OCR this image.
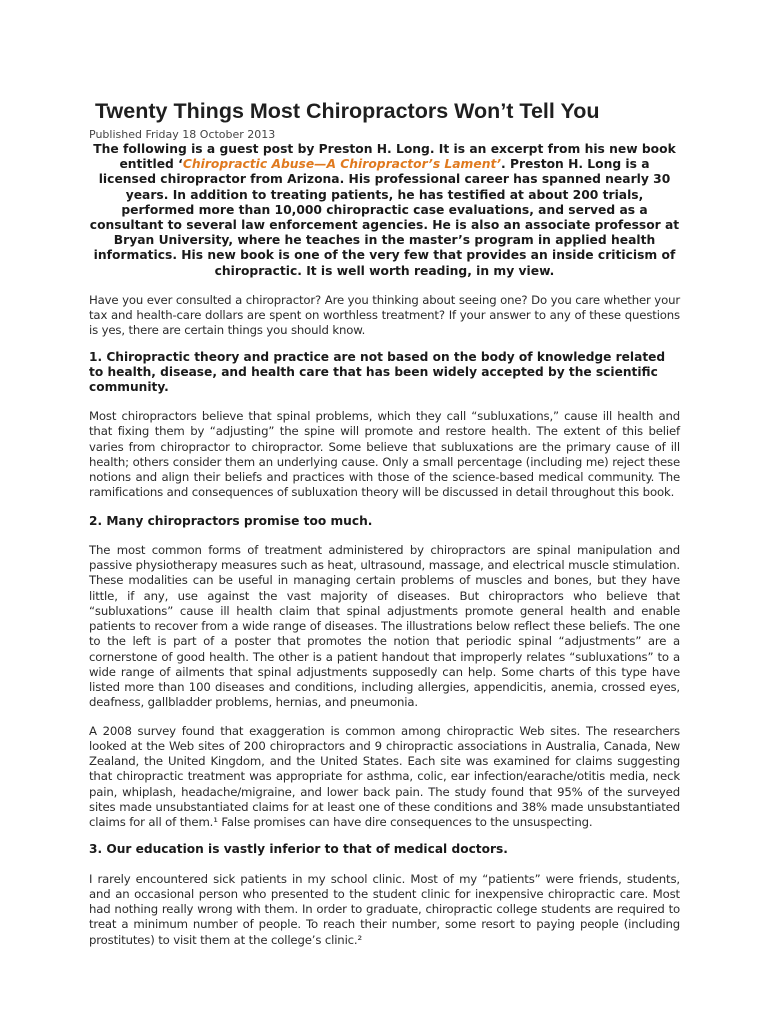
Twenty Things Most Chiropractors Won’t Tell You
Published Friday 18 October 2013

The following is a guest post by Preston H. Long. It is an excerpt from his new book entitled ‘Chiropractic Abuse—A Chiropractor’s Lament’. Preston H. Long is a licensed chiropractor from Arizona. His professional career has spanned nearly 30 years. In addition to treating patients, he has testified at about 200 trials, performed more than 10,000 chiropractic case evaluations, and served as a consultant to several law enforcement agencies. He is also an associate professor at Bryan University, where he teaches in the master’s program in applied health informatics. His new book is one of the very few that provides an inside criticism of chiropractic. It is well worth reading, in my view.

Have you ever consulted a chiropractor? Are you thinking about seeing one? Do you care whether your tax and health-care dollars are spent on worthless treatment? If your answer to any of these questions is yes, there are certain things you should know.

1. Chiropractic theory and practice are not based on the body of knowledge related to health, disease, and health care that has been widely accepted by the scientific community.

Most chiropractors believe that spinal problems, which they call “subluxations,” cause ill health and that fixing them by “adjusting” the spine will promote and restore health. The extent of this belief varies from chiropractor to chiropractor. Some believe that subluxations are the primary cause of ill health; others consider them an underlying cause. Only a small percentage (including me) reject these notions and align their beliefs and practices with those of the science-based medical community. The ramifications and consequences of subluxation theory will be discussed in detail throughout this book.

2. Many chiropractors promise too much.

The most common forms of treatment administered by chiropractors are spinal manipulation and passive physiotherapy measures such as heat, ultrasound, massage, and electrical muscle stimulation. These modalities can be useful in managing certain problems of muscles and bones, but they have little, if any, use against the vast majority of diseases. But chiropractors who believe that “subluxations” cause ill health claim that spinal adjustments promote general health and enable patients to recover from a wide range of diseases. The illustrations below reflect these beliefs. The one to the left is part of a poster that promotes the notion that periodic spinal “adjustments” are a cornerstone of good health. The other is a patient handout that improperly relates “subluxations” to a wide range of ailments that spinal adjustments supposedly can help. Some charts of this type have listed more than 100 diseases and conditions, including allergies, appendicitis, anemia, crossed eyes, deafness, gallbladder problems, hernias, and pneumonia.

A 2008 survey found that exaggeration is common among chiropractic Web sites. The researchers looked at the Web sites of 200 chiropractors and 9 chiropractic associations in Australia, Canada, New Zealand, the United Kingdom, and the United States. Each site was examined for claims suggesting that chiropractic treatment was appropriate for asthma, colic, ear infection/earache/otitis media, neck pain, whiplash, headache/migraine, and lower back pain. The study found that 95% of the surveyed sites made unsubstantiated claims for at least one of these conditions and 38% made unsubstantiated claims for all of them.¹ False promises can have dire consequences to the unsuspecting.

3. Our education is vastly inferior to that of medical doctors.

I rarely encountered sick patients in my school clinic. Most of my “patients” were friends, students, and an occasional person who presented to the student clinic for inexpensive chiropractic care. Most had nothing really wrong with them. In order to graduate, chiropractic college students are required to treat a minimum number of people. To reach their number, some resort to paying people (including prostitutes) to visit them at the college’s clinic.²
